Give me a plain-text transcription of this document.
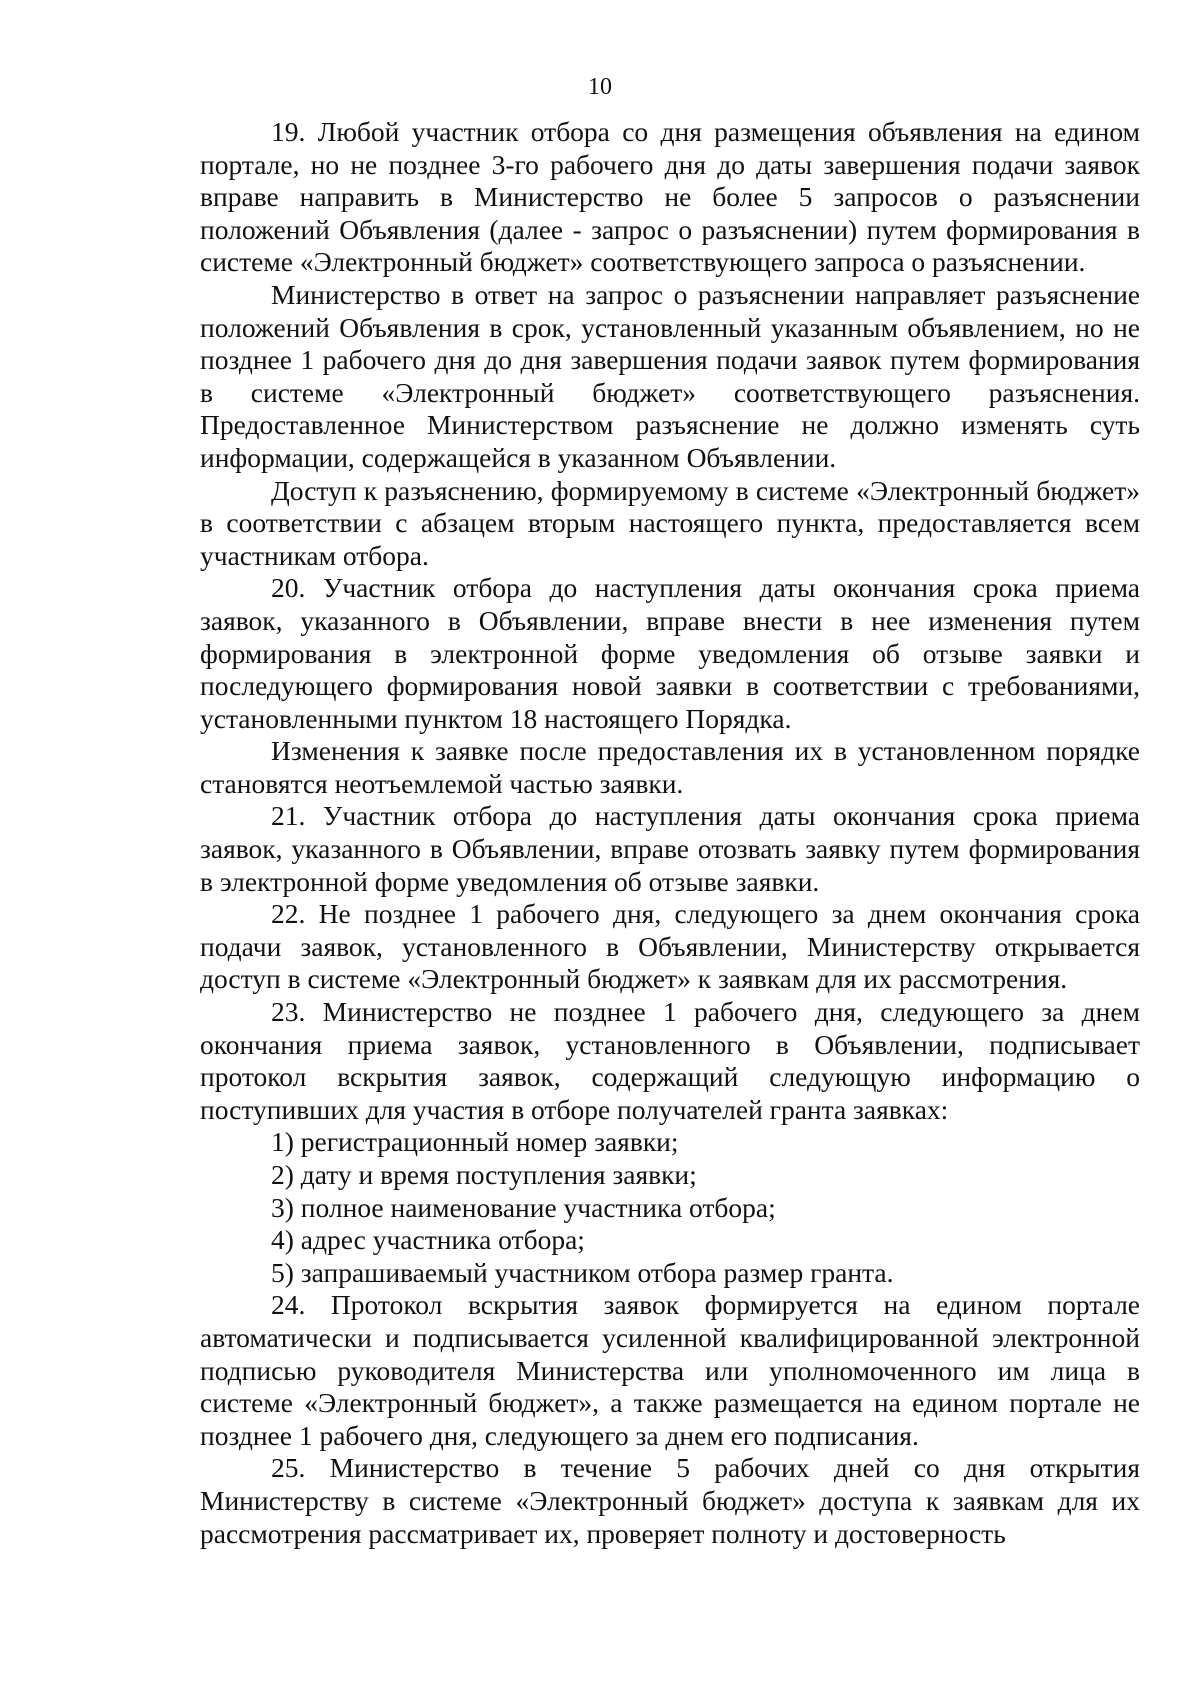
10

19. Любой участник отбора со дня размещения объявления на едином портале, но не позднее 3-го рабочего дня до даты завершения подачи заявок вправе направить в Министерство не более 5 запросов о разъяснении положений Объявления (далее - запрос о разъяснении) путем формирования в системе «Электронный бюджет» соответствующего запроса о разъяснении.

Министерство в ответ на запрос о разъяснении направляет разъяснение положений Объявления в срок, установленный указанным объявлением, но не позднее 1 рабочего дня до дня завершения подачи заявок путем формирования в системе «Электронный бюджет» соответствующего разъяснения. Предоставленное Министерством разъяснение не должно изменять суть информации, содержащейся в указанном Объявлении.

Доступ к разъяснению, формируемому в системе «Электронный бюджет» в соответствии с абзацем вторым настоящего пункта, предоставляется всем участникам отбора.

20. Участник отбора до наступления даты окончания срока приема заявок, указанного в Объявлении, вправе внести в нее изменения путем формирования в электронной форме уведомления об отзыве заявки и последующего формирования новой заявки в соответствии с требованиями, установленными пунктом 18 настоящего Порядка.

Изменения к заявке после предоставления их в установленном порядке становятся неотъемлемой частью заявки.

21. Участник отбора до наступления даты окончания срока приема заявок, указанного в Объявлении, вправе отозвать заявку путем формирования в электронной форме уведомления об отзыве заявки.

22. Не позднее 1 рабочего дня, следующего за днем окончания срока подачи заявок, установленного в Объявлении, Министерству открывается доступ в системе «Электронный бюджет» к заявкам для их рассмотрения.

23. Министерство не позднее 1 рабочего дня, следующего за днем окончания приема заявок, установленного в Объявлении, подписывает протокол вскрытия заявок, содержащий следующую информацию о поступивших для участия в отборе получателей гранта заявках:

1) регистрационный номер заявки;

2) дату и время поступления заявки;

3) полное наименование участника отбора;

4) адрес участника отбора;

5) запрашиваемый участником отбора размер гранта.

24. Протокол вскрытия заявок формируется на едином портале автоматически и подписывается усиленной квалифицированной электронной подписью руководителя Министерства или уполномоченного им лица в системе «Электронный бюджет», а также размещается на едином портале не позднее 1 рабочего дня, следующего за днем его подписания.

25. Министерство в течение 5 рабочих дней со дня открытия Министерству в системе «Электронный бюджет» доступа к заявкам для их рассмотрения рассматривает их, проверяет полноту и достоверность
